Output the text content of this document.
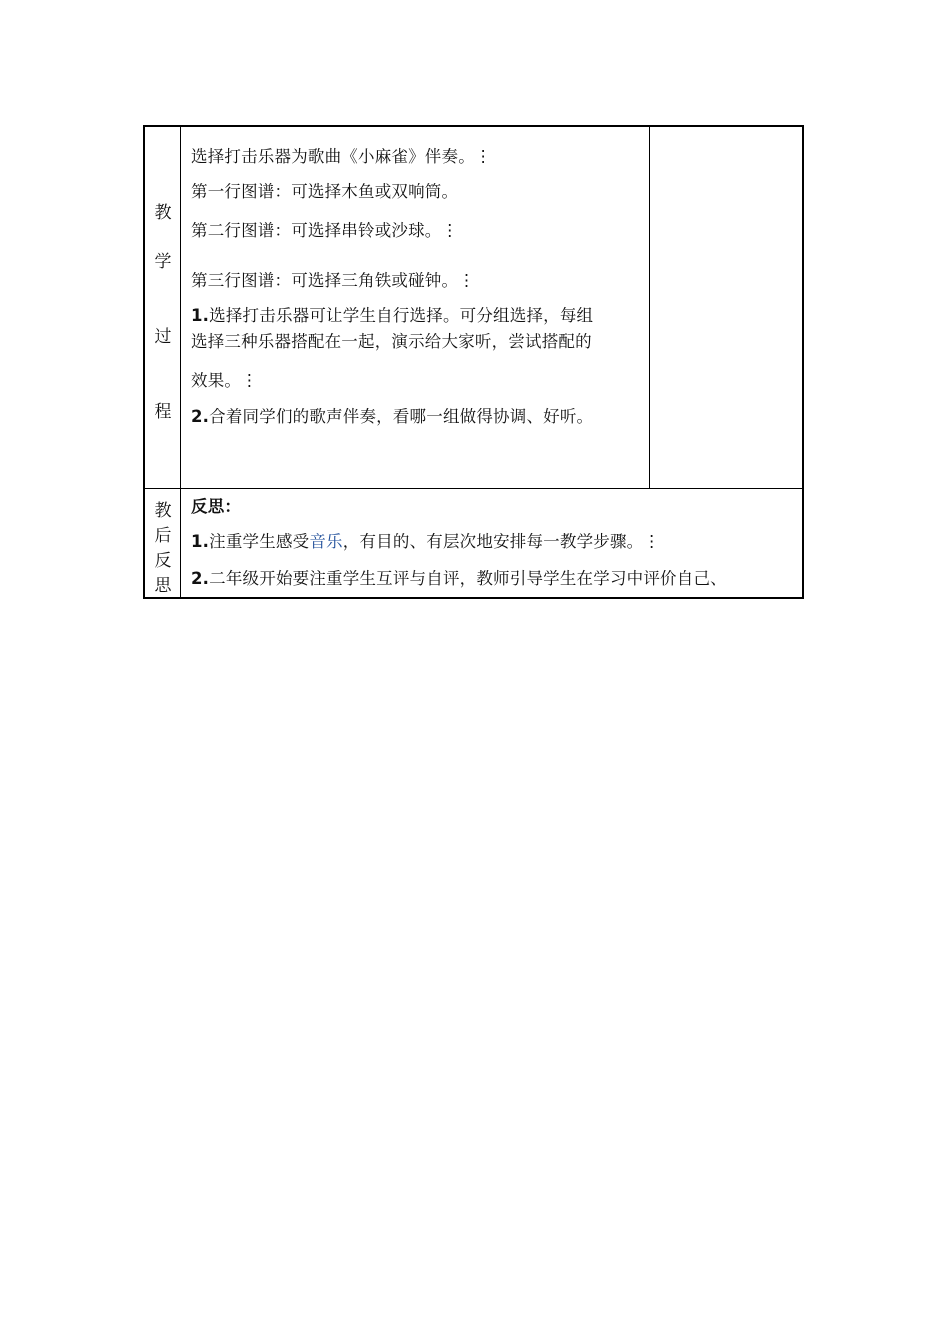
教
学
过
程
选择打击乐器为歌曲《小麻雀》伴奏。⋮
第一行图谱：可选择木鱼或双响筒。
第二行图谱：可选择串铃或沙球。⋮
第三行图谱：可选择三角铁或碰钟。⋮
1.选择打击乐器可让学生自行选择。可分组选择，每组
选择三种乐器搭配在一起，演示给大家听，尝试搭配的
效果。⋮
2.合着同学们的歌声伴奏，看哪一组做得协调、好听。
教
后
反
思
反思：
1.注重学生感受音乐，有目的、有层次地安排每一教学步骤。⋮
2.二年级开始要注重学生互评与自评，教师引导学生在学习中评价自己、
